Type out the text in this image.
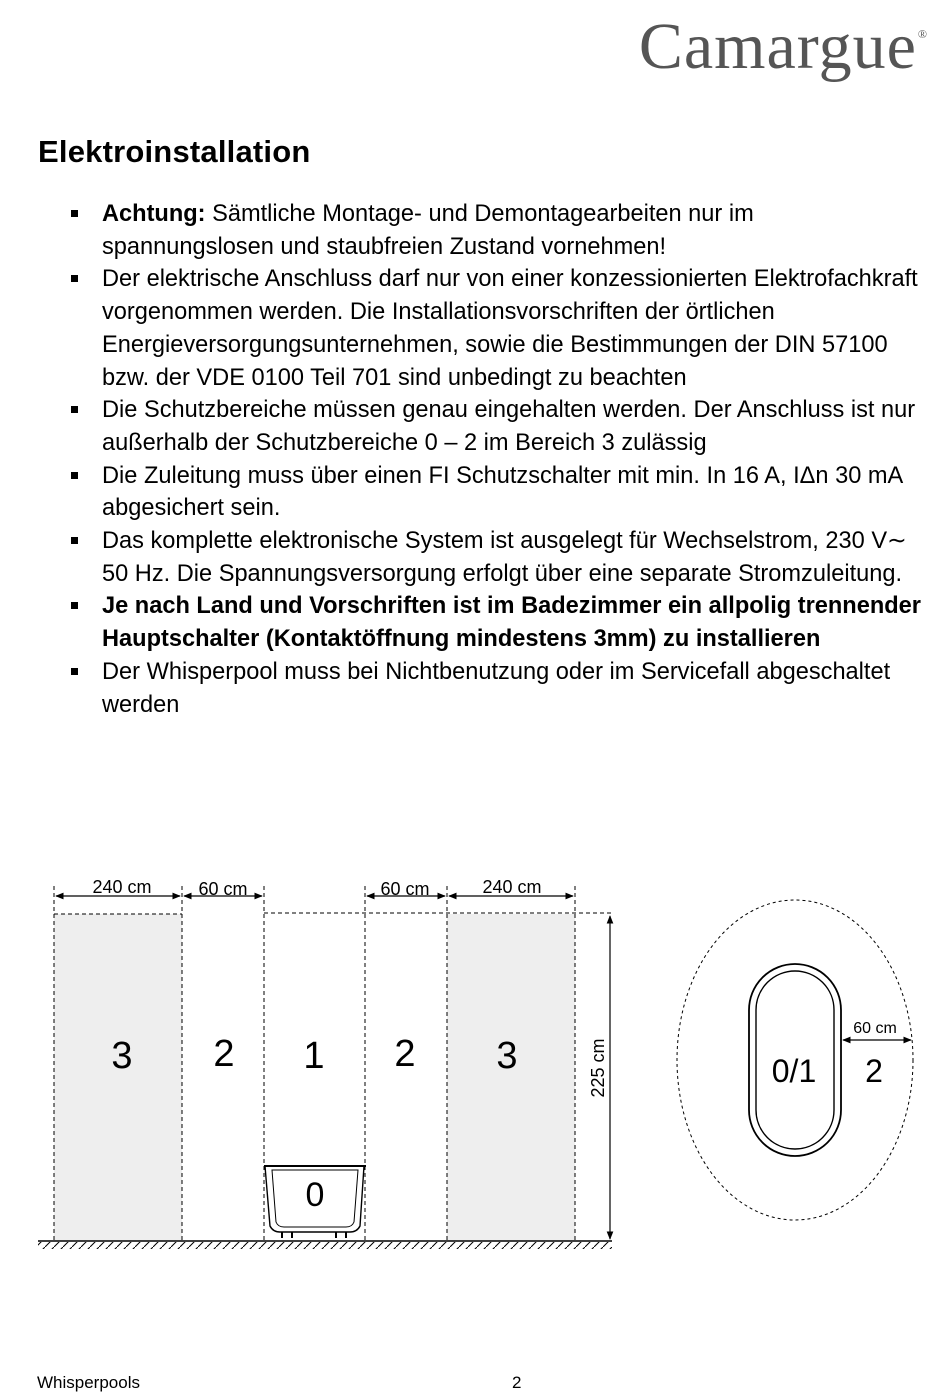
Camargue®
Elektroinstallation
Achtung: Sämtliche Montage- und Demontagearbeiten nur im spannungslosen und staubfreien Zustand vornehmen!
Der elektrische Anschluss darf nur von einer konzessionierten Elektrofachkraft vorgenommen werden. Die Installationsvorschriften der örtlichen Energieversorgungsunternehmen, sowie die Bestimmungen der DIN 57100 bzw. der VDE 0100 Teil 701 sind unbedingt zu beachten
Die Schutzbereiche müssen genau eingehalten werden. Der Anschluss ist nur außerhalb der Schutzbereiche 0 – 2 im Bereich 3 zulässig
Die Zuleitung muss über einen FI Schutzschalter mit min. In 16 A, IΔn 30 mA abgesichert sein.
Das komplette elektronische System ist ausgelegt für Wechselstrom, 230 V∼ 50 Hz. Die Spannungsversorgung erfolgt über eine separate Stromzuleitung.
Je nach Land und Vorschriften ist im Badezimmer ein allpolig trennender Hauptschalter (Kontaktöffnung mindestens 3mm) zu installieren
Der Whisperpool muss bei Nichtbenutzung oder im Servicefall abgeschaltet werden
240 cm	60 cm	60 cm	240 cm
225 cm
3 2 1 2 3
0
60 cm
0/1 2
Whisperpools	2
